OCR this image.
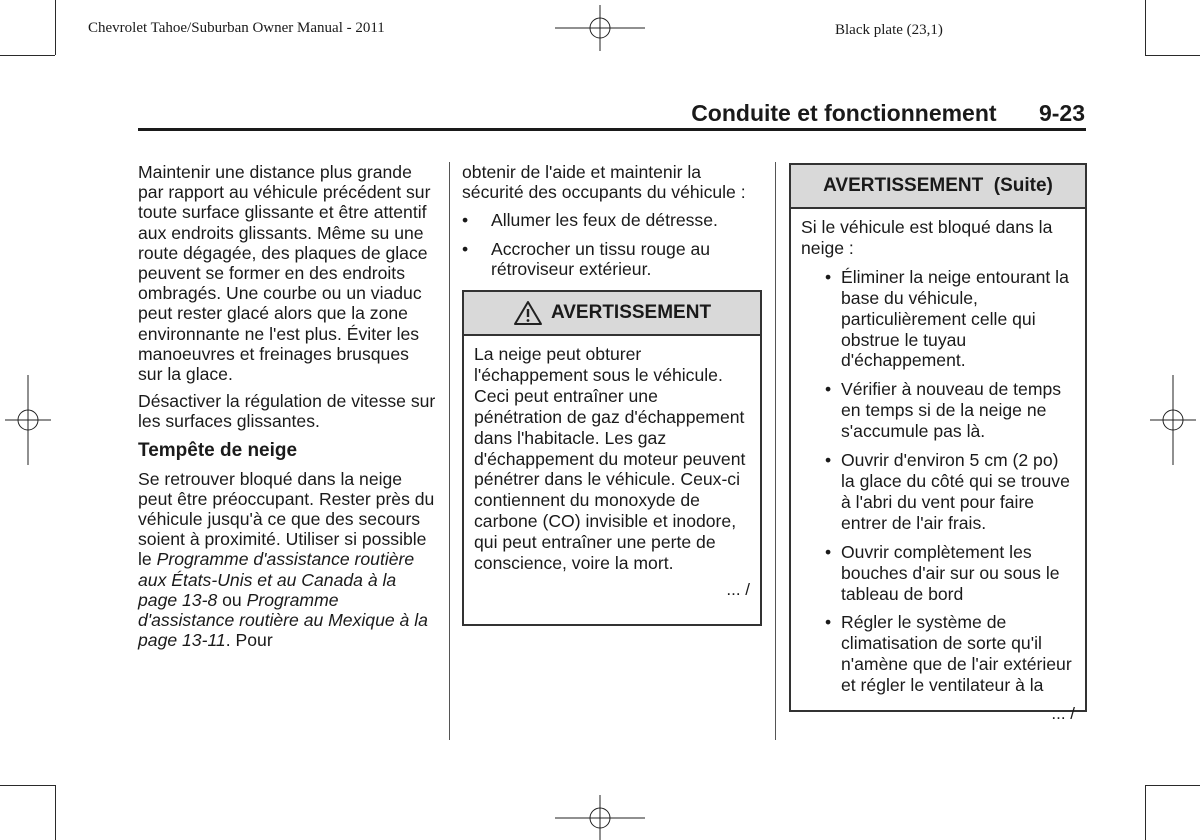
Chevrolet Tahoe/Suburban Owner Manual - 2011	Black plate (23,1)
Conduite et fonctionnement 9-23

Maintenir une distance plus grande par rapport au véhicule précédent sur toute surface glissante et être attentif aux endroits glissants. Même su une route dégagée, des plaques de glace peuvent se former en des endroits ombragés. Une courbe ou un viaduc peut rester glacé alors que la zone environnante ne l'est plus. Éviter les manoeuvres et freinages brusques sur la glace.

Désactiver la régulation de vitesse sur les surfaces glissantes.

Tempête de neige

Se retrouver bloqué dans la neige peut être préoccupant. Rester près du véhicule jusqu'à ce que des secours soient à proximité. Utiliser si possible le Programme d'assistance routière aux États-Unis et au Canada à la page 13-8 ou Programme d'assistance routière au Mexique à la page 13-11. Pour

obtenir de l'aide et maintenir la sécurité des occupants du véhicule :

• Allumer les feux de détresse.
• Accrocher un tissu rouge au rétroviseur extérieur.
AVERTISSEMENT
La neige peut obturer l'échappement sous le véhicule. Ceci peut entraîner une pénétration de gaz d'échappement dans l'habitacle. Les gaz d'échappement du moteur peuvent pénétrer dans le véhicule. Ceux-ci contiennent du monoxyde de carbone (CO) invisible et inodore, qui peut entraîner une perte de conscience, voire la mort.
... /
AVERTISSEMENT  (Suite)
Si le véhicule est bloqué dans la neige :
• Éliminer la neige entourant la base du véhicule, particulièrement celle qui obstrue le tuyau d'échappement.
• Vérifier à nouveau de temps en temps si de la neige ne s'accumule pas là.
• Ouvrir d'environ 5 cm (2 po) la glace du côté qui se trouve à l'abri du vent pour faire entrer de l'air frais.
• Ouvrir complètement les bouches d'air sur ou sous le tableau de bord
• Régler le système de climatisation de sorte qu'il n'amène que de l'air extérieur et régler le ventilateur à la
... /
